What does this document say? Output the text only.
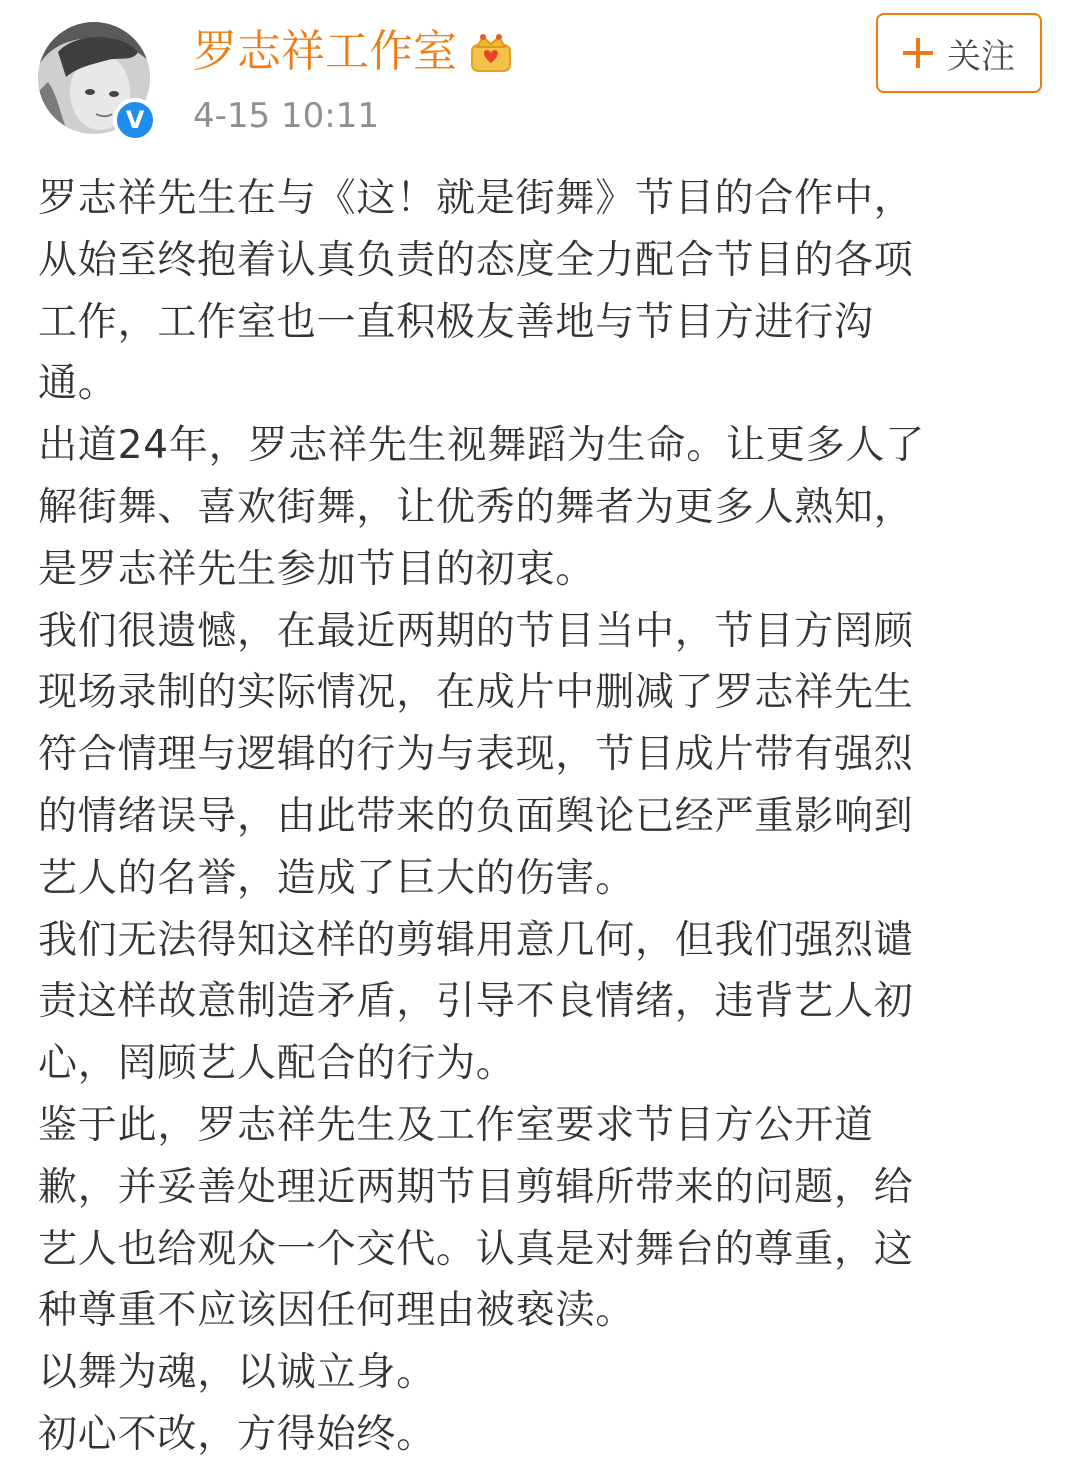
V
罗志祥工作室
4-15 10:11
关注
罗志祥先生在与《这！就是街舞》节目的合作中，
从始至终抱着认真负责的态度全力配合节目的各项
工作，工作室也一直积极友善地与节目方进行沟
通。
出道24年，罗志祥先生视舞蹈为生命。让更多人了
解街舞、喜欢街舞，让优秀的舞者为更多人熟知，
是罗志祥先生参加节目的初衷。
我们很遗憾，在最近两期的节目当中，节目方罔顾
现场录制的实际情况，在成片中删减了罗志祥先生
符合情理与逻辑的行为与表现，节目成片带有强烈
的情绪误导，由此带来的负面舆论已经严重影响到
艺人的名誉，造成了巨大的伤害。
我们无法得知这样的剪辑用意几何，但我们强烈谴
责这样故意制造矛盾，引导不良情绪，违背艺人初
心，罔顾艺人配合的行为。
鉴于此，罗志祥先生及工作室要求节目方公开道
歉，并妥善处理近两期节目剪辑所带来的问题，给
艺人也给观众一个交代。认真是对舞台的尊重，这
种尊重不应该因任何理由被亵渎。
以舞为魂，以诚立身。
初心不改，方得始终。
